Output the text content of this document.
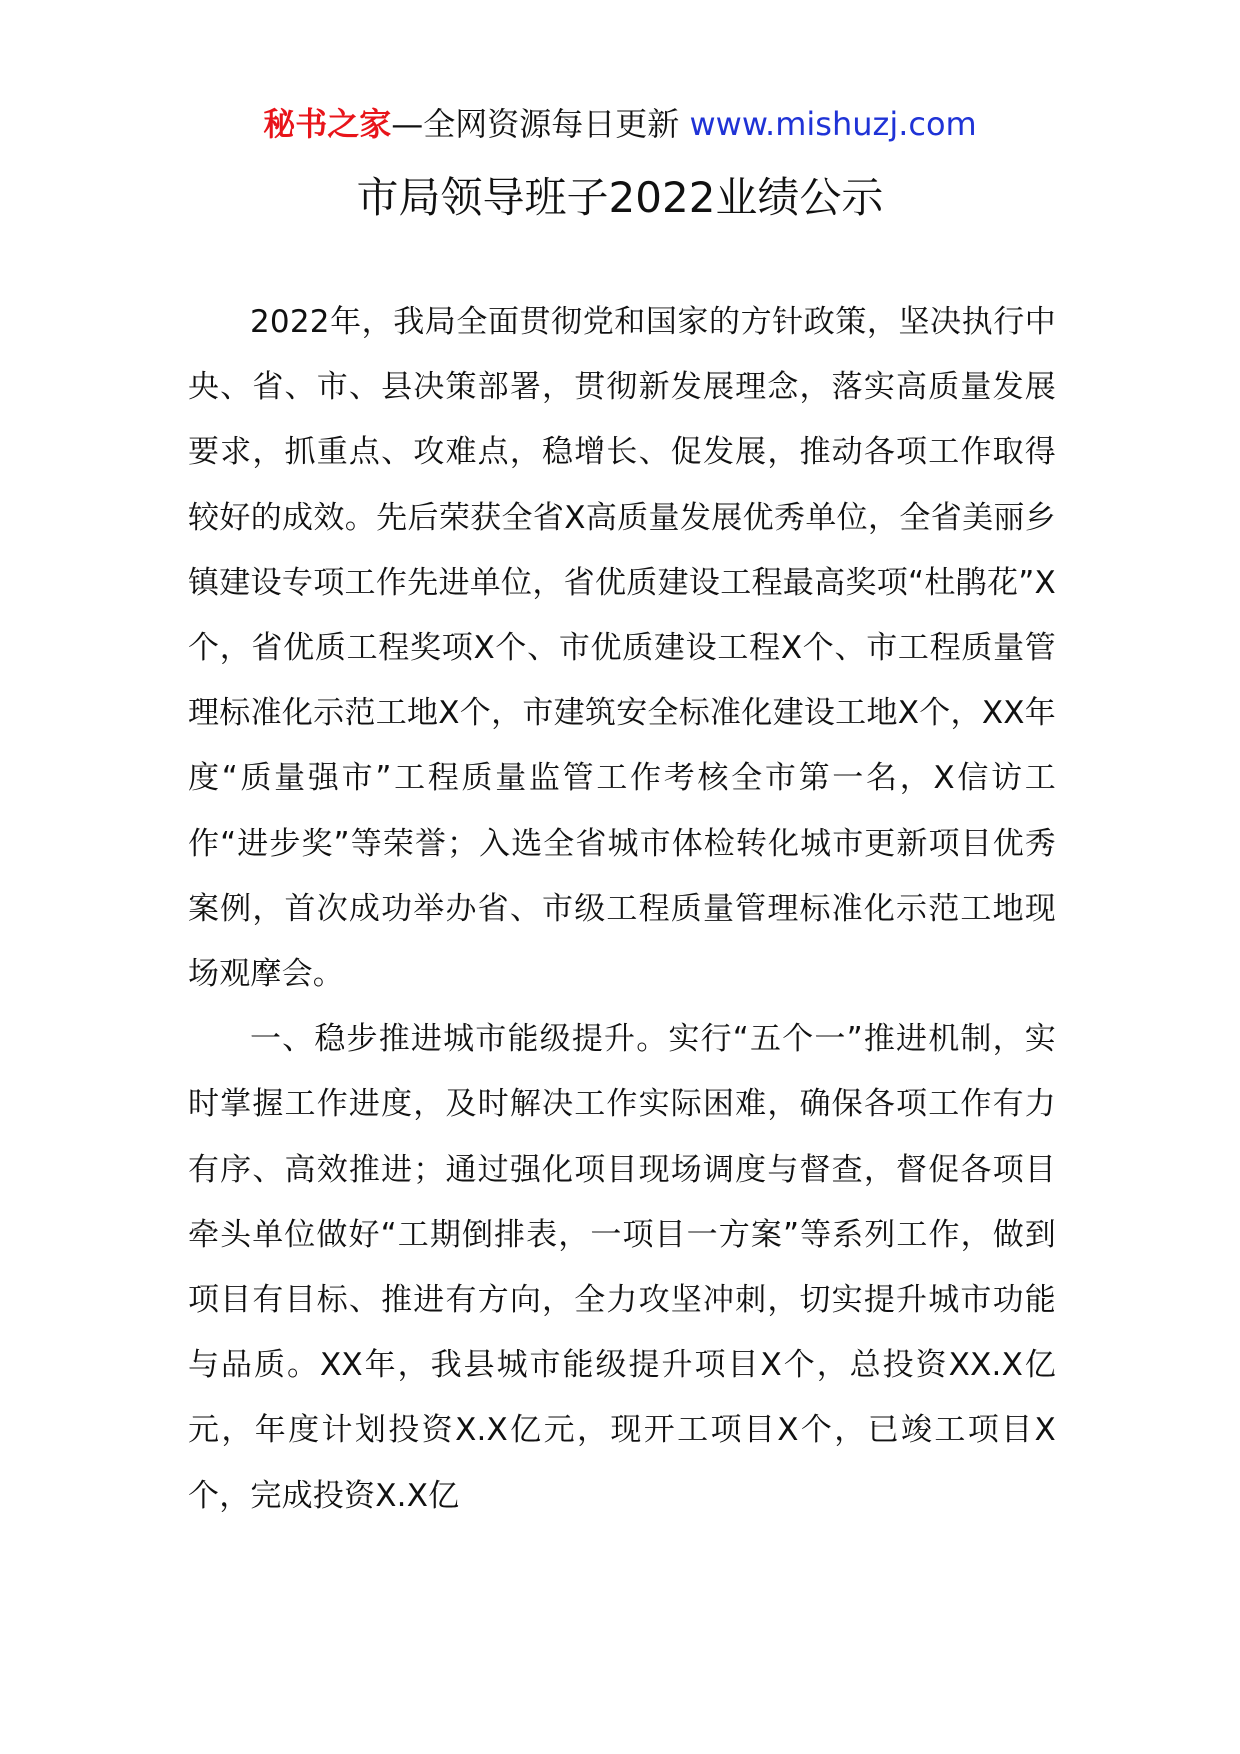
秘书之家—全网资源每日更新 www.mishuzj.com
市局领导班子2022业绩公示

2022年，我局全面贯彻党和国家的方针政策，坚决执行中央、省、市、县决策部署，贯彻新发展理念，落实高质量发展要求，抓重点、攻难点，稳增长、促发展，推动各项工作取得较好的成效。先后荣获全省X高质量发展优秀单位，全省美丽乡镇建设专项工作先进单位，省优质建设工程最高奖项“杜鹃花”X个，省优质工程奖项X个、市优质建设工程X个、市工程质量管理标准化示范工地X个，市建筑安全标准化建设工地X个，XX年度“质量强市”工程质量监管工作考核全市第一名，X信访工作“进步奖”等荣誉；入选全省城市体检转化城市更新项目优秀案例，首次成功举办省、市级工程质量管理标准化示范工地现场观摩会。

一、稳步推进城市能级提升。实行“五个一”推进机制，实时掌握工作进度，及时解决工作实际困难，确保各项工作有力有序、高效推进；通过强化项目现场调度与督查，督促各项目牵头单位做好“工期倒排表，一项目一方案”等系列工作，做到项目有目标、推进有方向，全力攻坚冲刺，切实提升城市功能与品质。XX年，我县城市能级提升项目X个，总投资XX.X亿元，年度计划投资X.X亿元，现开工项目X个，已竣工项目X个，完成投资X.X亿
